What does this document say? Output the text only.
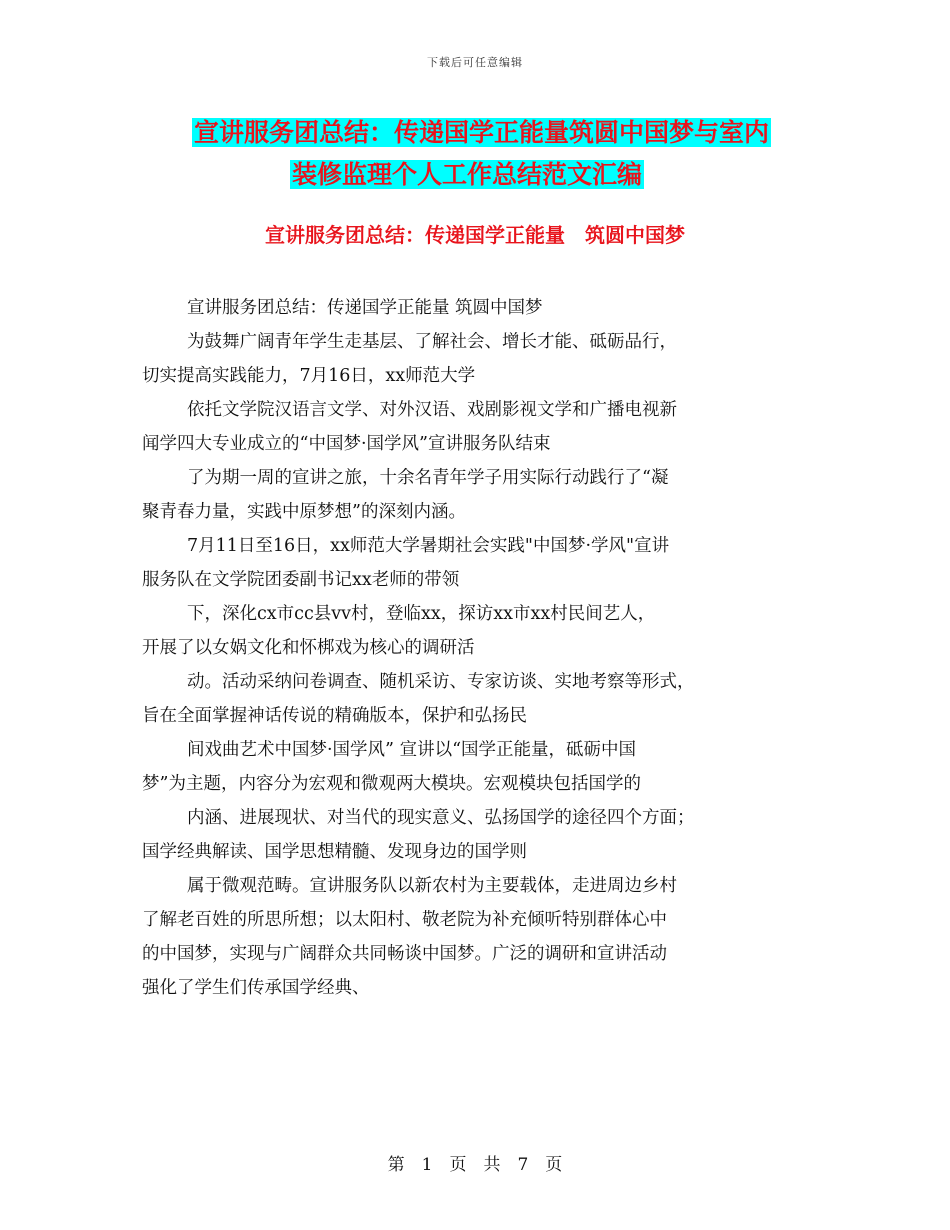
下载后可任意编辑
宣讲服务团总结：传递国学正能量筑圆中国梦与室内
装修监理个人工作总结范文汇编
宣讲服务团总结：传递国学正能量　筑圆中国梦
宣讲服务团总结：传递国学正能量 筑圆中国梦
为鼓舞广阔青年学生走基层、了解社会、增长才能、砥砺品行，
切实提高实践能力，7月16日，xx师范大学
依托文学院汉语言文学、对外汉语、戏剧影视文学和广播电视新
闻学四大专业成立的“中国梦·国学风”宣讲服务队结束
了为期一周的宣讲之旅，十余名青年学子用实际行动践行了“凝
聚青春力量，实践中原梦想”的深刻内涵。
7月11日至16日，xx师范大学暑期社会实践"中国梦·学风"宣讲
服务队在文学院团委副书记xx老师的带领
下，深化cx市cc县vv村，登临xx，探访xx市xx村民间艺人，
开展了以女娲文化和怀梆戏为核心的调研活
动。活动采纳问卷调查、随机采访、专家访谈、实地考察等形式，
旨在全面掌握神话传说的精确版本，保护和弘扬民
间戏曲艺术中国梦·国学风” 宣讲以“国学正能量，砥砺中国
梦”为主题，内容分为宏观和微观两大模块。宏观模块包括国学的
内涵、进展现状、对当代的现实意义、弘扬国学的途径四个方面；
国学经典解读、国学思想精髓、发现身边的国学则
属于微观范畴。宣讲服务队以新农村为主要载体，走进周边乡村
了解老百姓的所思所想；以太阳村、敬老院为补充倾听特别群体心中
的中国梦，实现与广阔群众共同畅谈中国梦。广泛的调研和宣讲活动
强化了学生们传承国学经典、
第　1　页　共　7　页
